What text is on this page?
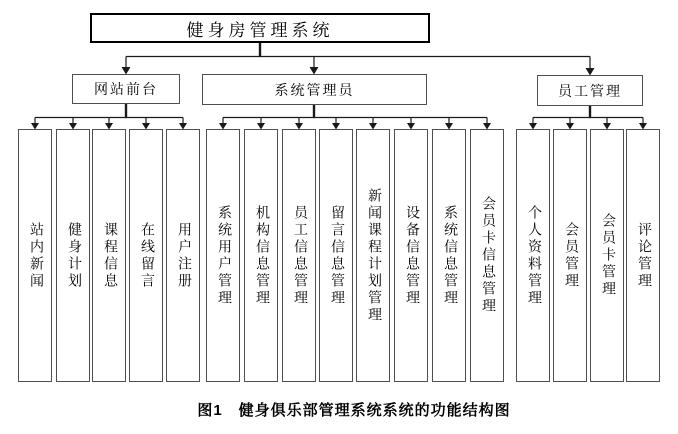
健身房管理系统
网站前台	系统管理员	员工管理
站内新闻 健身计划 课程信息 在线留言 用户注册 系统用户管理 机构信息管理 员工信息管理 留言信息管理 新闻课程计划管理 设备信息管理 系统信息管理 会员卡信息管理 个人资料管理 会员管理 会员卡管理 评论管理
图1　健身俱乐部管理系统系统的功能结构图
